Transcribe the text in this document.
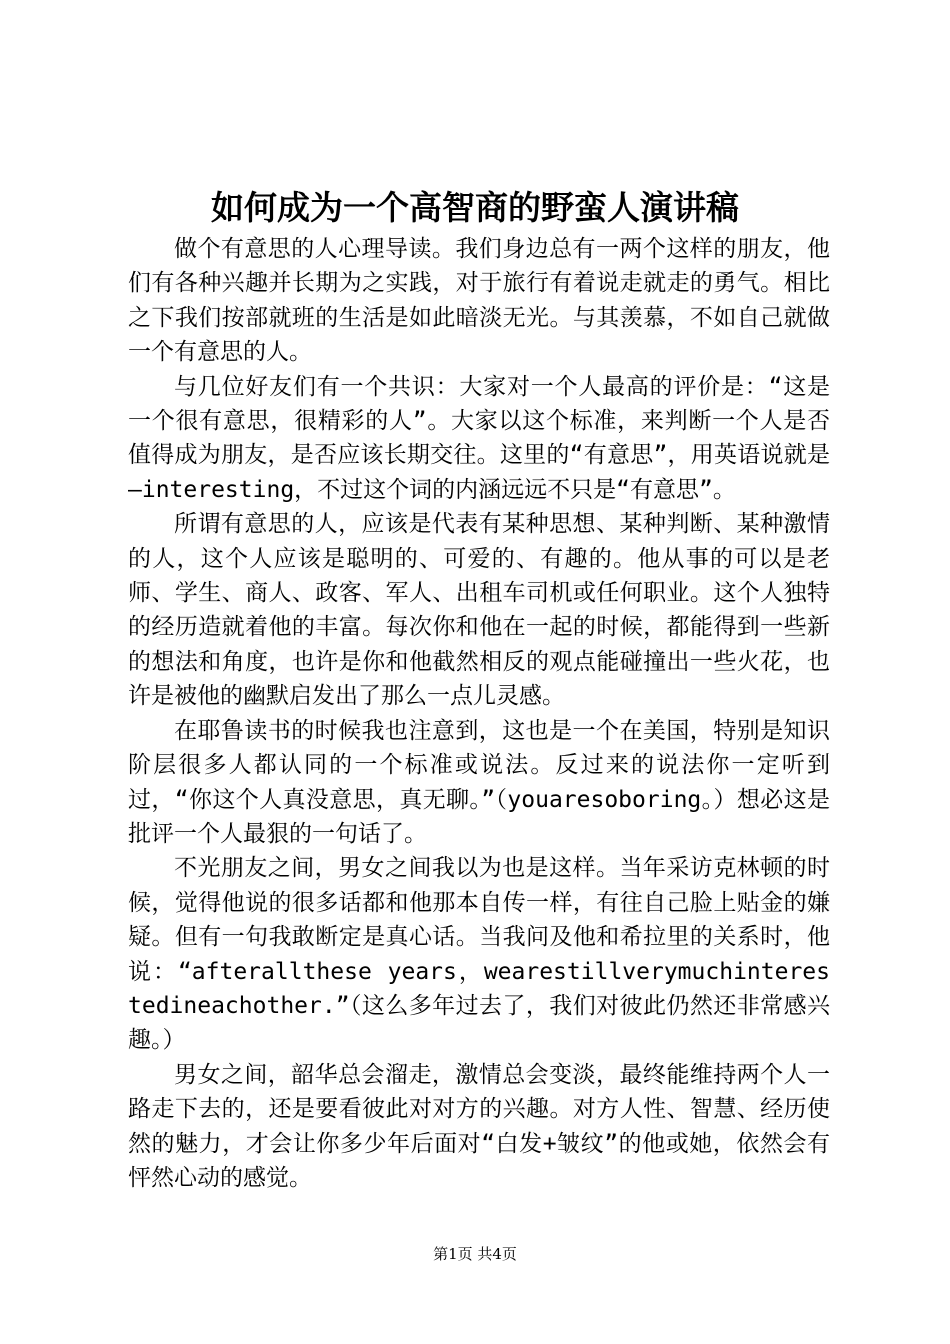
如何成为一个高智商的野蛮人演讲稿

做个有意思的人心理导读。我们身边总有一两个这样的朋友，他们有各种兴趣并长期为之实践，对于旅行有着说走就走的勇气。相比之下我们按部就班的生活是如此暗淡无光。与其羡慕，不如自己就做一个有意思的人。

与几位好友们有一个共识：大家对一个人最高的评价是：“这是一个很有意思，很精彩的人”。大家以这个标准，来判断一个人是否值得成为朋友，是否应该长期交往。这里的“有意思”，用英语说就是—interesting，不过这个词的内涵远远不只是“有意思”。

所谓有意思的人，应该是代表有某种思想、某种判断、某种激情的人，这个人应该是聪明的、可爱的、有趣的。他从事的可以是老师、学生、商人、政客、军人、出租车司机或任何职业。这个人独特的经历造就着他的丰富。每次你和他在一起的时候，都能得到一些新的想法和角度，也许是你和他截然相反的观点能碰撞出一些火花，也许是被他的幽默启发出了那么一点儿灵感。

在耶鲁读书的时候我也注意到，这也是一个在美国，特别是知识阶层很多人都认同的一个标准或说法。反过来的说法你一定听到过，“你这个人真没意思，真无聊。”（youaresoboring。）想必这是批评一个人最狠的一句话了。

不光朋友之间，男女之间我以为也是这样。当年采访克林顿的时候，觉得他说的很多话都和他那本自传一样，有往自己脸上贴金的嫌疑。但有一句我敢断定是真心话。当我问及他和希拉里的关系时，他说：“afterallthese years，wearestillverymuchinterestedineachother.”（这么多年过去了，我们对彼此仍然还非常感兴趣。）

男女之间，韶华总会溜走，激情总会变淡，最终能维持两个人一路走下去的，还是要看彼此对对方的兴趣。对方人性、智慧、经历使然的魅力，才会让你多少年后面对“白发+皱纹”的他或她，依然会有怦然心动的感觉。

第1页 共4页
